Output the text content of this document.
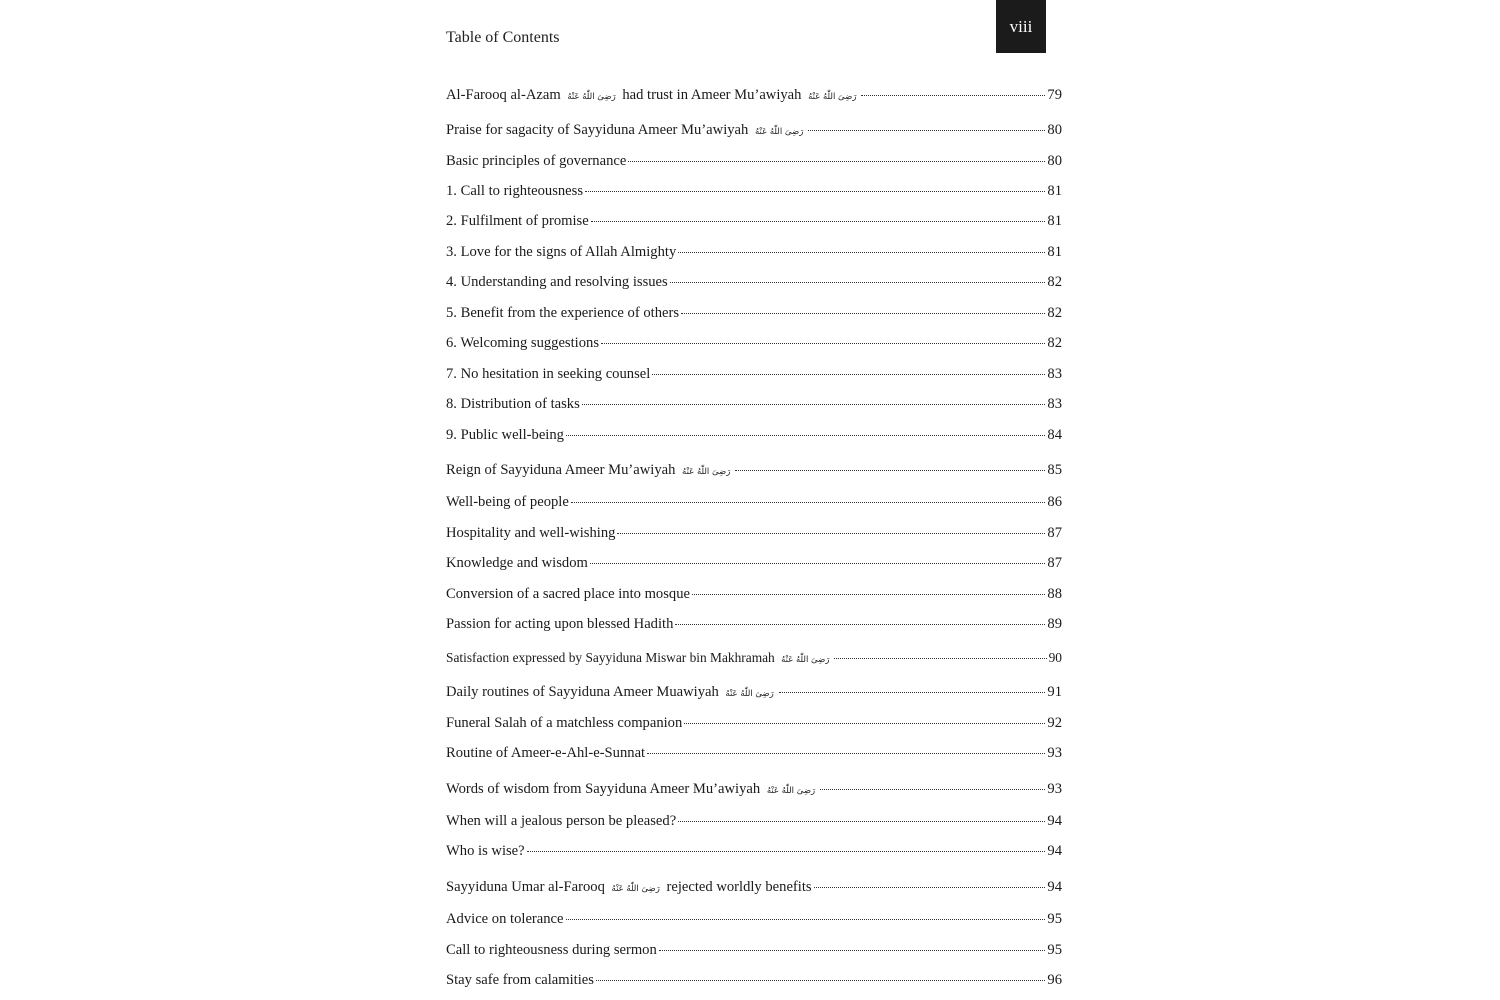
Table of Contents
viii
Al-Farooq al-Azam رَضِىَ اللّٰهُ عَنْهُ had trust in Ameer Mu’awiyah رَضِىَ اللّٰهُ عَنْهُ	79
Praise for sagacity of Sayyiduna Ameer Mu’awiyah رَضِىَ اللّٰهُ عَنْهُ	80
Basic principles of governance	80
1. Call to righteousness	81
2. Fulfilment of promise	81
3. Love for the signs of Allah Almighty	81
4. Understanding and resolving issues	82
5. Benefit from the experience of others	82
6. Welcoming suggestions	82
7. No hesitation in seeking counsel	83
8. Distribution of tasks	83
9. Public well-being	84
Reign of Sayyiduna Ameer Mu’awiyah رَضِىَ اللّٰهُ عَنْهُ	85
Well-being of people	86
Hospitality and well-wishing	87
Knowledge and wisdom	87
Conversion of a sacred place into mosque	88
Passion for acting upon blessed Hadith	89
Satisfaction expressed by Sayyiduna Miswar bin Makhramah رَضِىَ اللّٰهُ عَنْهُ	90
Daily routines of Sayyiduna Ameer Muawiyah رَضِىَ اللّٰهُ عَنْهُ	91
Funeral Salah of a matchless companion	92
Routine of Ameer-e-Ahl-e-Sunnat	93
Words of wisdom from Sayyiduna Ameer Mu’awiyah رَضِىَ اللّٰهُ عَنْهُ	93
When will a jealous person be pleased?	94
Who is wise?	94
Sayyiduna Umar al-Farooq رَضِىَ اللّٰهُ عَنْهُ rejected worldly benefits	94
Advice on tolerance	95
Call to righteousness during sermon	95
Stay safe from calamities	96
